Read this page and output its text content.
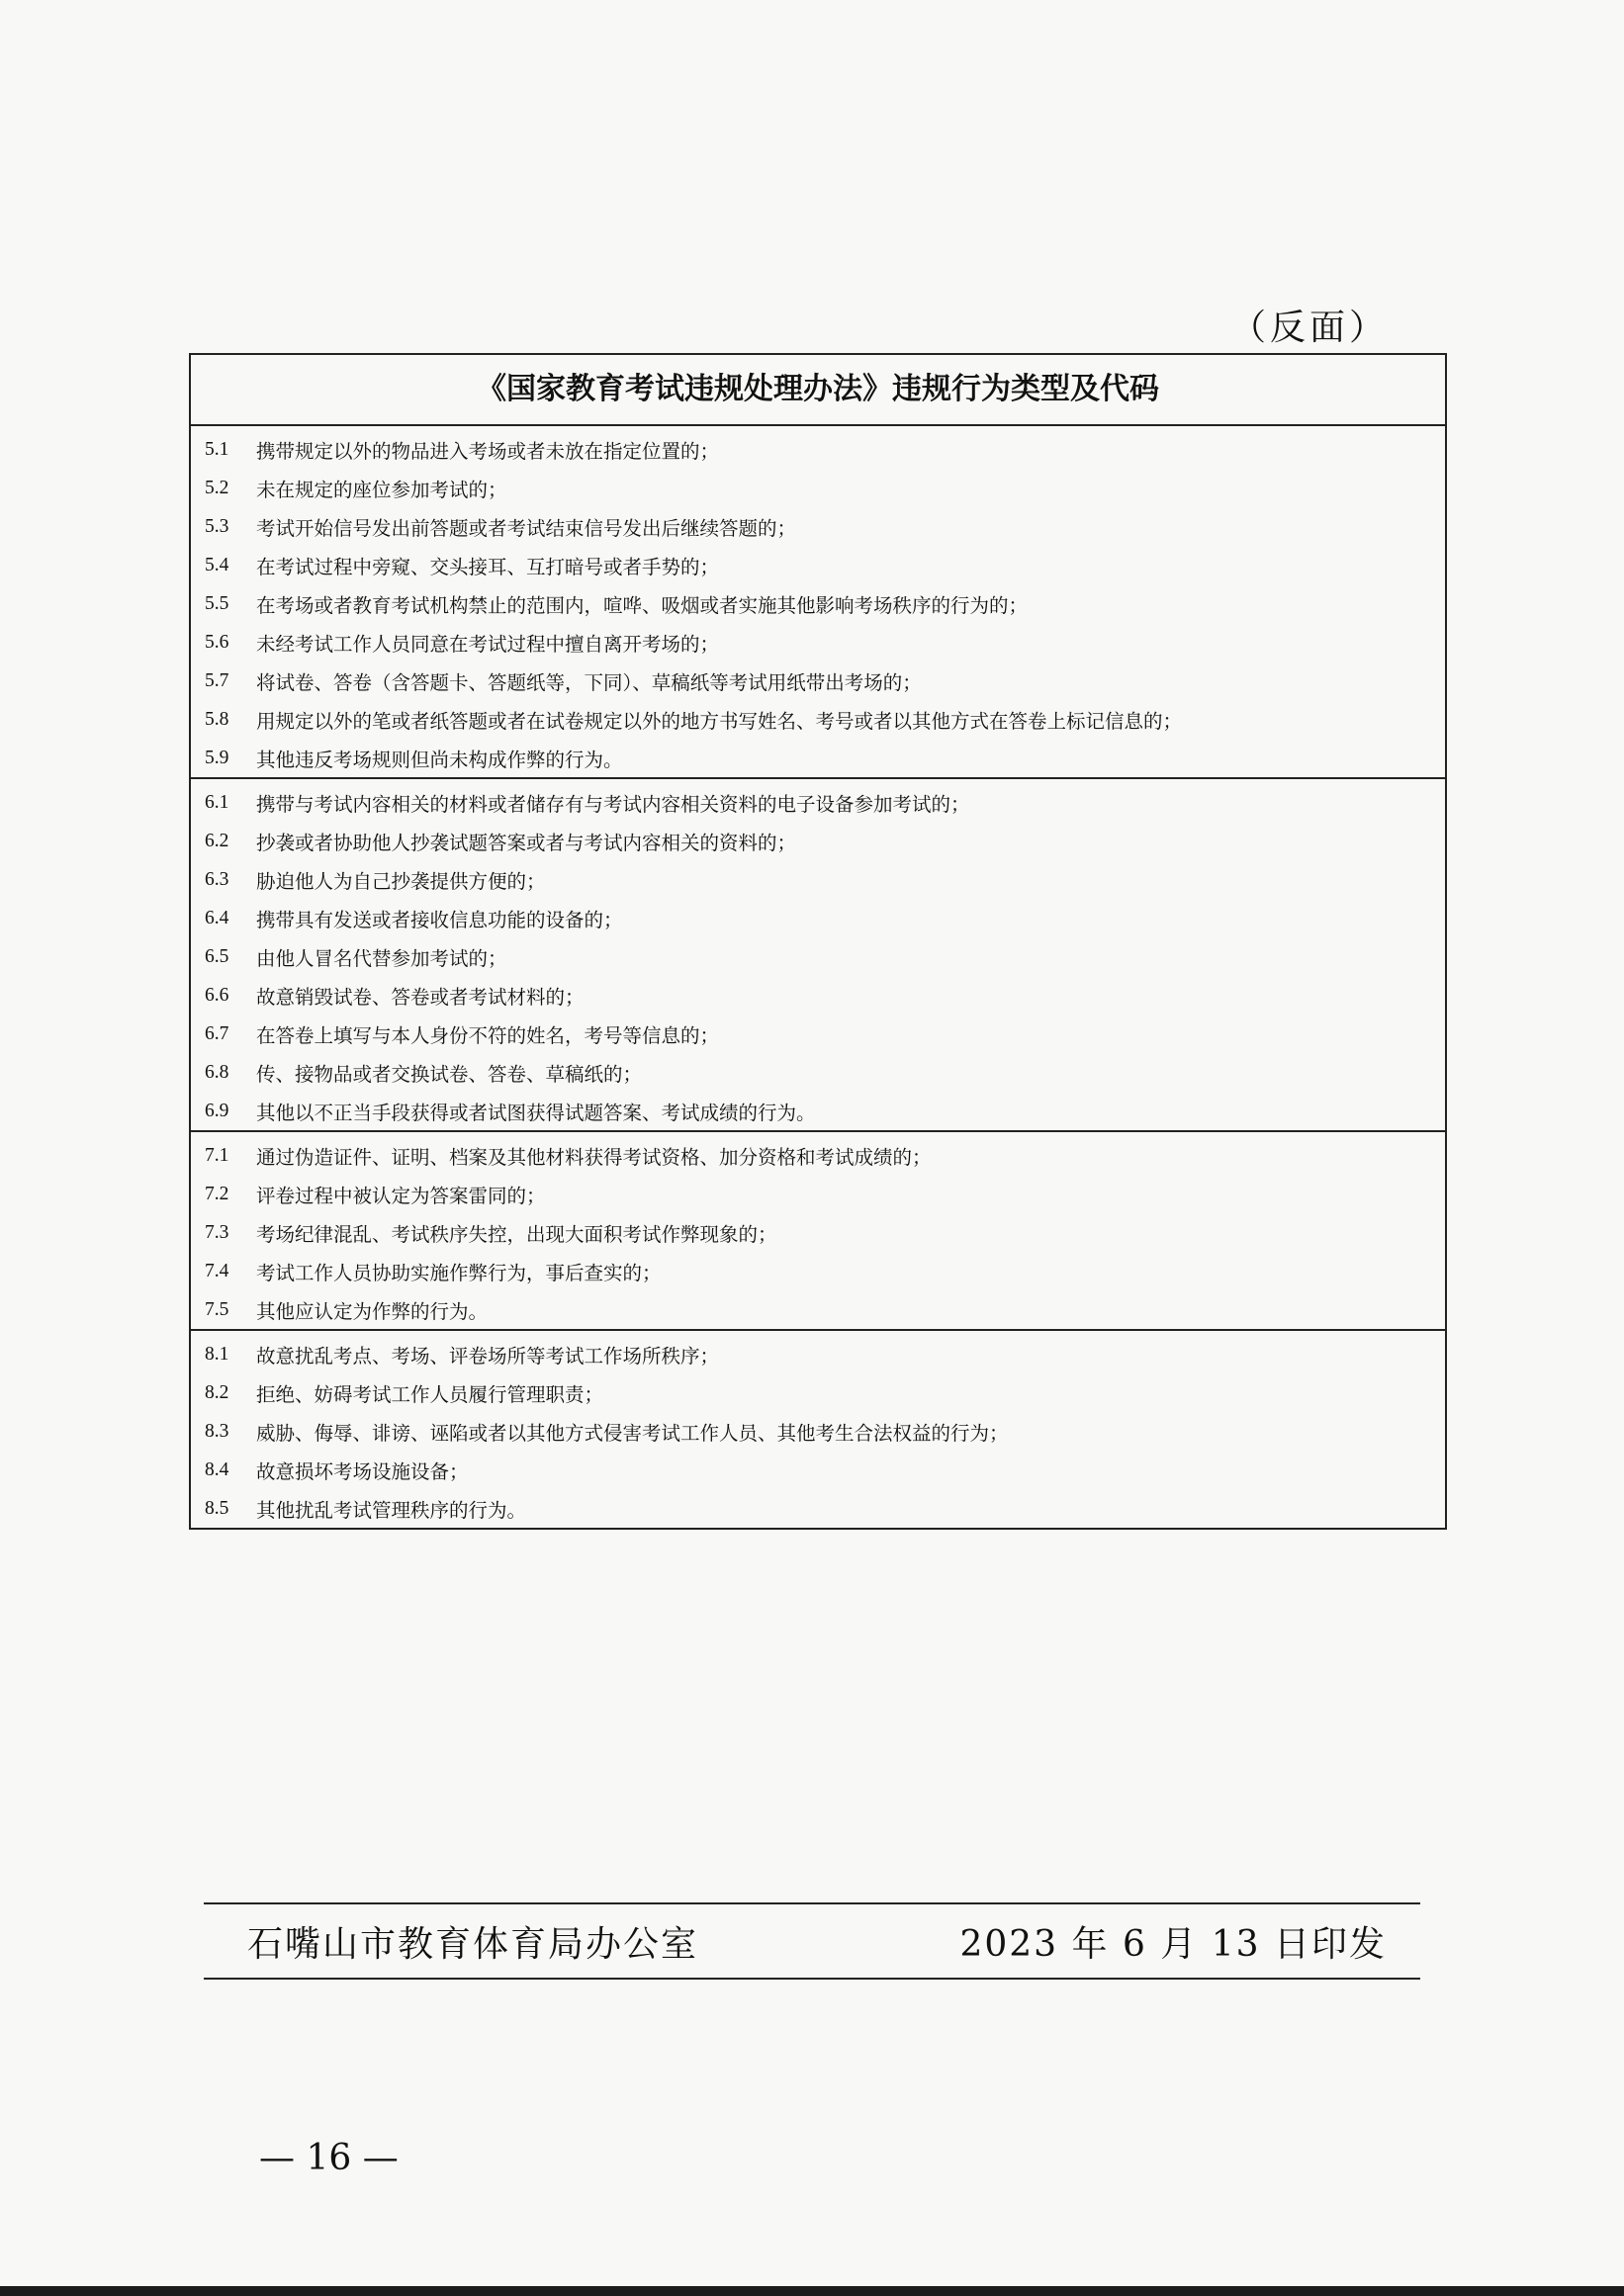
（反面）
《国家教育考试违规处理办法》违规行为类型及代码
5.1	携带规定以外的物品进入考场或者未放在指定位置的；
5.2	未在规定的座位参加考试的；
5.3	考试开始信号发出前答题或者考试结束信号发出后继续答题的；
5.4	在考试过程中旁窥、交头接耳、互打暗号或者手势的；
5.5	在考场或者教育考试机构禁止的范围内，喧哗、吸烟或者实施其他影响考场秩序的行为的；
5.6	未经考试工作人员同意在考试过程中擅自离开考场的；
5.7	将试卷、答卷（含答题卡、答题纸等，下同）、草稿纸等考试用纸带出考场的；
5.8	用规定以外的笔或者纸答题或者在试卷规定以外的地方书写姓名、考号或者以其他方式在答卷上标记信息的；
5.9	其他违反考场规则但尚未构成作弊的行为。
6.1	携带与考试内容相关的材料或者储存有与考试内容相关资料的电子设备参加考试的；
6.2	抄袭或者协助他人抄袭试题答案或者与考试内容相关的资料的；
6.3	胁迫他人为自己抄袭提供方便的；
6.4	携带具有发送或者接收信息功能的设备的；
6.5	由他人冒名代替参加考试的；
6.6	故意销毁试卷、答卷或者考试材料的；
6.7	在答卷上填写与本人身份不符的姓名，考号等信息的；
6.8	传、接物品或者交换试卷、答卷、草稿纸的；
6.9	其他以不正当手段获得或者试图获得试题答案、考试成绩的行为。
7.1	通过伪造证件、证明、档案及其他材料获得考试资格、加分资格和考试成绩的；
7.2	评卷过程中被认定为答案雷同的；
7.3	考场纪律混乱、考试秩序失控，出现大面积考试作弊现象的；
7.4	考试工作人员协助实施作弊行为，事后查实的；
7.5	其他应认定为作弊的行为。
8.1	故意扰乱考点、考场、评卷场所等考试工作场所秩序；
8.2	拒绝、妨碍考试工作人员履行管理职责；
8.3	威胁、侮辱、诽谤、诬陷或者以其他方式侵害考试工作人员、其他考生合法权益的行为；
8.4	故意损坏考场设施设备；
8.5	其他扰乱考试管理秩序的行为。
石嘴山市教育体育局办公室	2023 年 6 月 13 日印发
— 16 —
